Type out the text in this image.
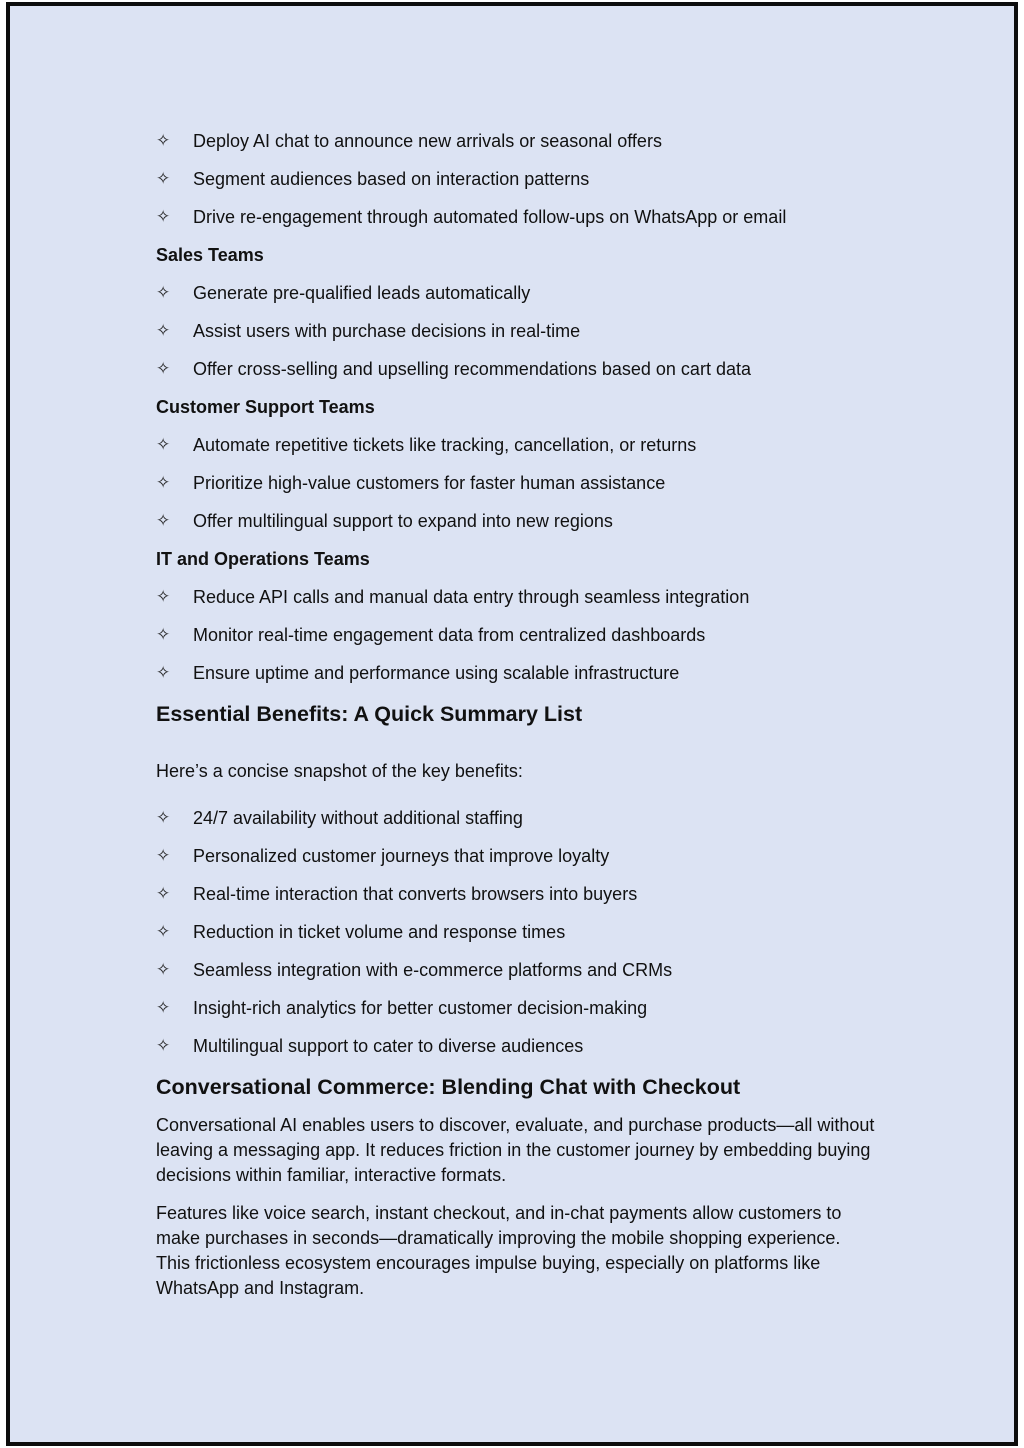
✧	Deploy AI chat to announce new arrivals or seasonal offers
✧	Segment audiences based on interaction patterns
✧	Drive re-engagement through automated follow-ups on WhatsApp or email
Sales Teams
✧	Generate pre-qualified leads automatically
✧	Assist users with purchase decisions in real-time
✧	Offer cross-selling and upselling recommendations based on cart data
Customer Support Teams
✧	Automate repetitive tickets like tracking, cancellation, or returns
✧	Prioritize high-value customers for faster human assistance
✧	Offer multilingual support to expand into new regions
IT and Operations Teams
✧	Reduce API calls and manual data entry through seamless integration
✧	Monitor real-time engagement data from centralized dashboards
✧	Ensure uptime and performance using scalable infrastructure
Essential Benefits: A Quick Summary List
Here’s a concise snapshot of the key benefits:
✧	24/7 availability without additional staffing
✧	Personalized customer journeys that improve loyalty
✧	Real-time interaction that converts browsers into buyers
✧	Reduction in ticket volume and response times
✧	Seamless integration with e-commerce platforms and CRMs
✧	Insight-rich analytics for better customer decision-making
✧	Multilingual support to cater to diverse audiences
Conversational Commerce: Blending Chat with Checkout
Conversational AI enables users to discover, evaluate, and purchase products—all without leaving a messaging app. It reduces friction in the customer journey by embedding buying decisions within familiar, interactive formats.
Features like voice search, instant checkout, and in-chat payments allow customers to make purchases in seconds—dramatically improving the mobile shopping experience. This frictionless ecosystem encourages impulse buying, especially on platforms like WhatsApp and Instagram.
